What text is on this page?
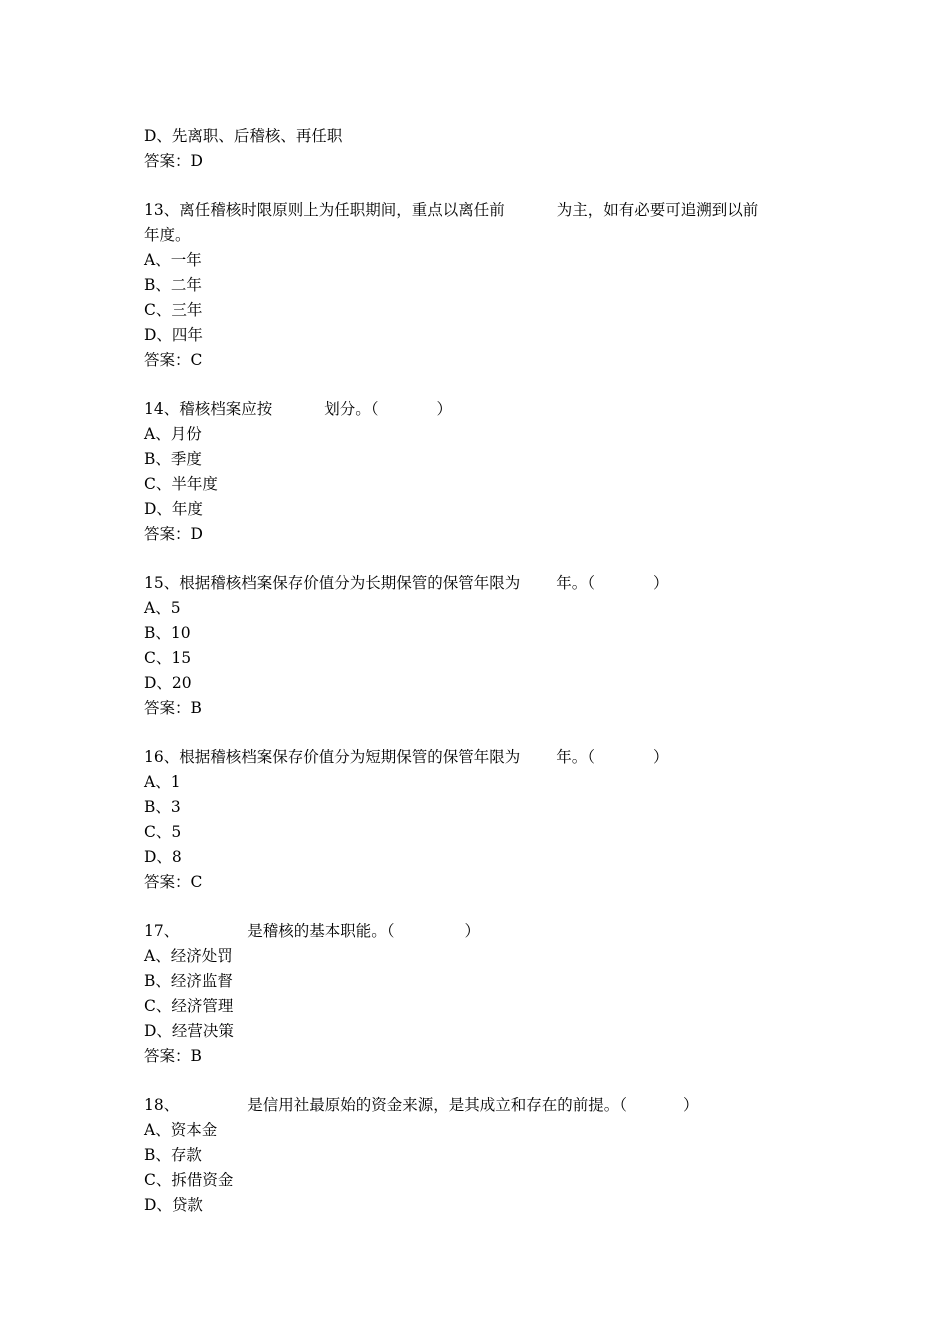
D、先离职、后稽核、再任职
答案：D
13、离任稽核时限原则上为任职期间，重点以离任前	为主，如有必要可追溯到以前
年度。
A、一年
B、二年
C、三年
D、四年
答案：C
14、稽核档案应按	划分。（	）
A、月份
B、季度
C、半年度
D、年度
答案：D
15、根据稽核档案保存价值分为长期保管的保管年限为 年。（	）
A、5
B、10
C、15
D、20
答案：B
16、根据稽核档案保存价值分为短期保管的保管年限为 年。（	）
A、1
B、3
C、5
D、8
答案：C
17、	是稽核的基本职能。（	）
A、经济处罚
B、经济监督
C、经济管理
D、经营决策
答案：B
18、	是信用社最原始的资金来源，是其成立和存在的前提。（	）
A、资本金
B、存款
C、拆借资金
D、贷款
